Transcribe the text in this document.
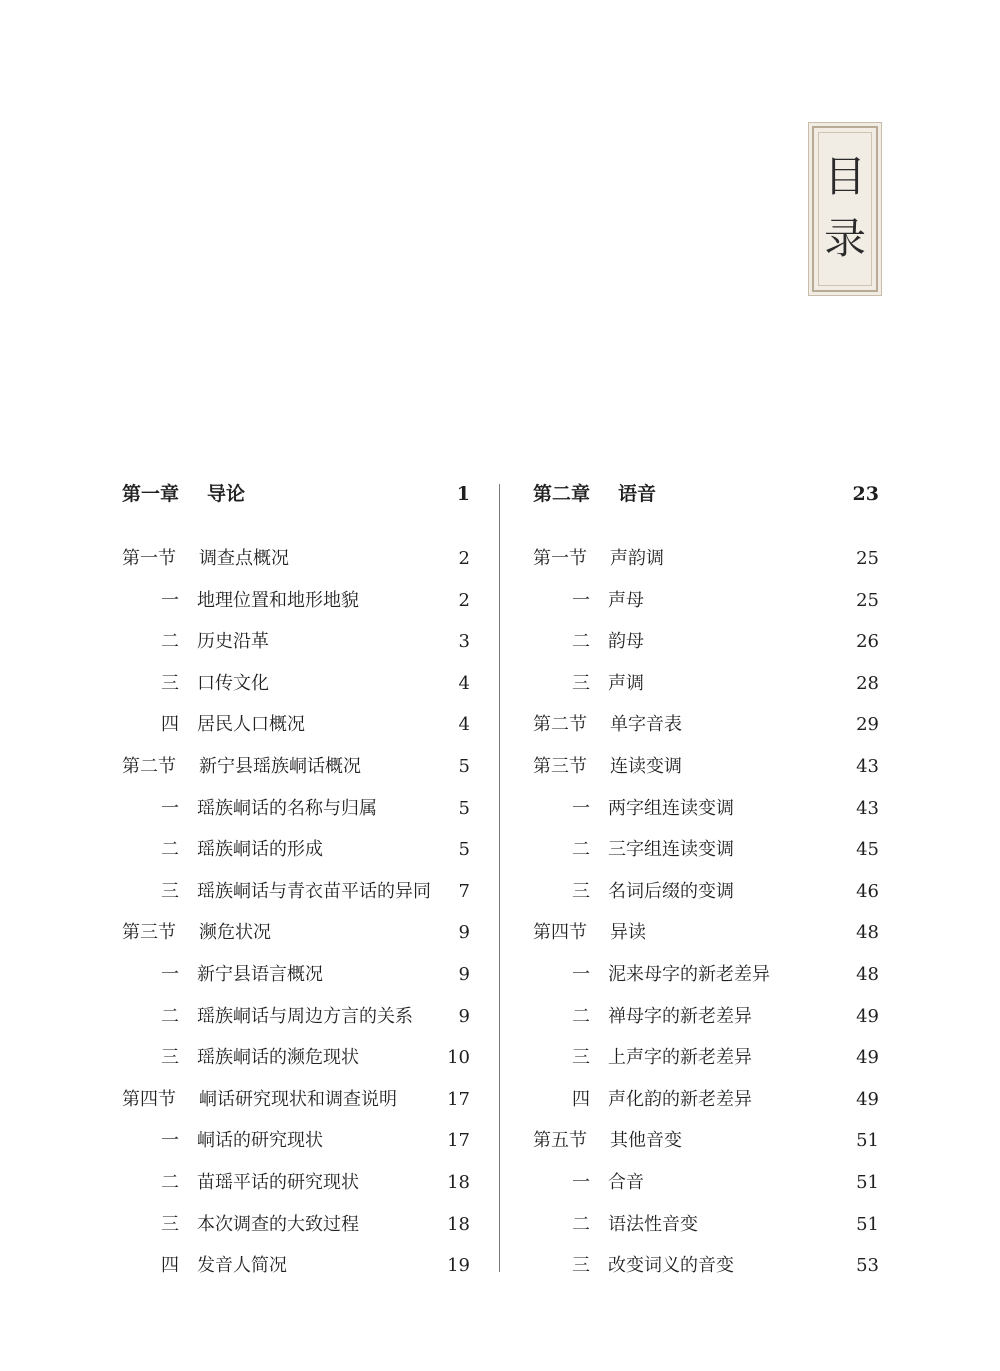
目
录
第一章 导论	1
第一节 调查点概况	2
一 地理位置和地形地貌	2
二 历史沿革	3
三 口传文化	4
四 居民人口概况	4
第二节 新宁县瑶族峒话概况	5
一 瑶族峒话的名称与归属	5
二 瑶族峒话的形成	5
三 瑶族峒话与青衣苗平话的异同 7
第三节 濒危状况	9
一 新宁县语言概况	9
二 瑶族峒话与周边方言的关系	9
三 瑶族峒话的濒危现状	10
第四节 峒话研究现状和调查说明	17
一 峒话的研究现状	17
二 苗瑶平话的研究现状	18
三 本次调查的大致过程	18
四 发音人简况	19
第二章 语音	23
第一节 声韵调	25
一 声母	25
二 韵母	26
三 声调	28
第二节 单字音表	29
第三节 连读变调	43
一 两字组连读变调	43
二 三字组连读变调	45
三 名词后缀的变调	46
第四节 异读	48
一 泥来母字的新老差异	48
二 禅母字的新老差异	49
三 上声字的新老差异	49
四 声化韵的新老差异	49
第五节 其他音变	51
一 合音	51
二 语法性音变	51
三 改变词义的音变	53
